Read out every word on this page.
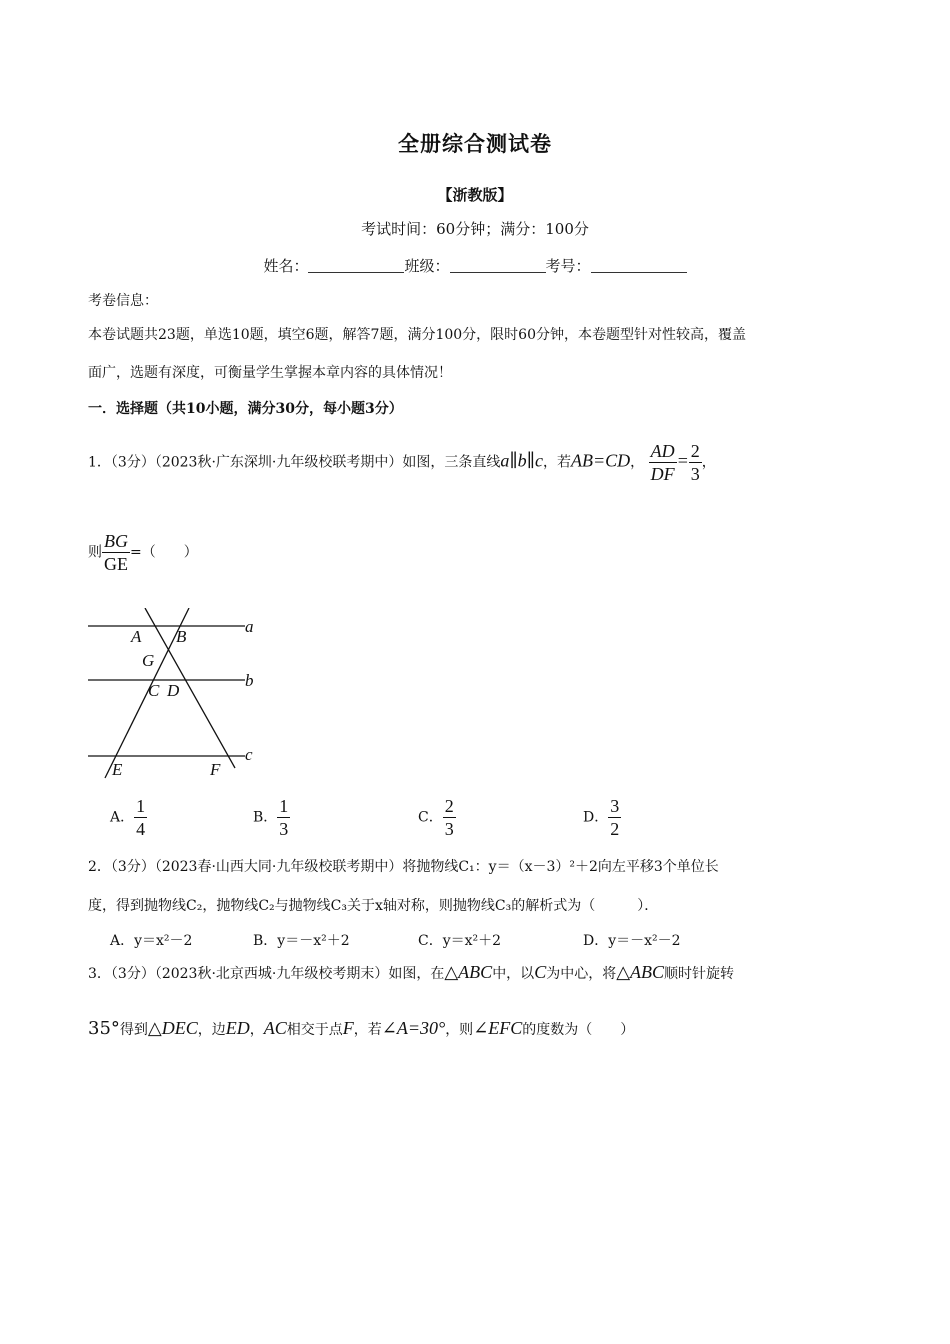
全册综合测试卷
【浙教版】
考试时间：60分钟；满分：100分
姓名：	班级：	考号：
考卷信息：
本卷试题共23题，单选10题，填空6题，解答7题，满分100分，限时60分钟，本卷题型针对性较高，覆盖
面广，选题有深度，可衡量学生掌握本章内容的具体情况！
一．选择题（共10小题，满分30分，每小题3分）
1．（3分）（2023秋·广东深圳·九年级校联考期中）如图，三条直线a∥b∥c，若AB=CD， $\frac{AD}{DF} = \frac{2}{3}$ ，
则 $\frac{BG}{GE}$ =（　　）
A B
G
C D
E	F
a
b
c
A． $\frac{1}{4}$	B． $\frac{1}{3}$	C． $\frac{2}{3}$	D． $\frac{3}{2}$
2．（3分）（2023春·山西大同·九年级校联考期中）将抛物线C₁：y＝（x－3）²＋2向左平移3个单位长
度，得到抛物线C₂，抛物线C₂与抛物线C₃关于x轴对称，则抛物线C₃的解析式为（　　　）．
A．y＝x²－2	B．y＝－x²＋2	C．y＝x²＋2	D．y＝－x²－2
3．（3分）（2023秋·北京西城·九年级校考期末）如图，在△ABC中，以C为中心，将△ABC顺时针旋转
35°得到△DEC，边ED，AC相交于点F，若∠A=30°，则∠EFC的度数为（　　）
